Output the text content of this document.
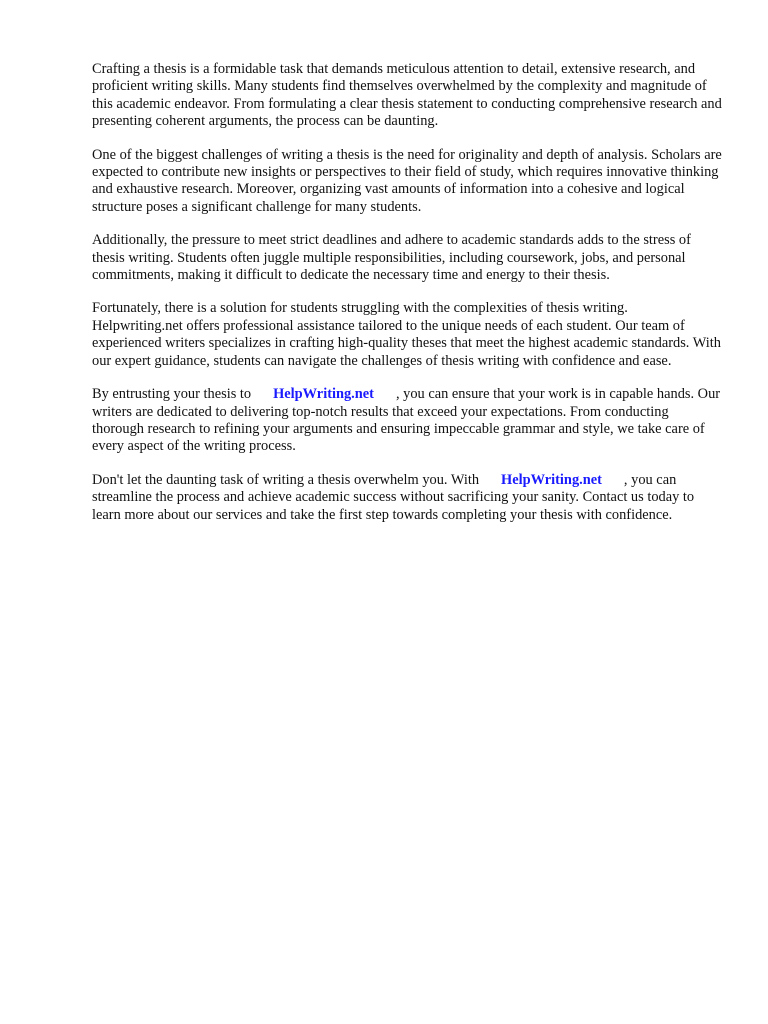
Crafting a thesis is a formidable task that demands meticulous attention to detail, extensive research, and proficient writing skills. Many students find themselves overwhelmed by the complexity and magnitude of this academic endeavor. From formulating a clear thesis statement to conducting comprehensive research and presenting coherent arguments, the process can be daunting.

One of the biggest challenges of writing a thesis is the need for originality and depth of analysis. Scholars are expected to contribute new insights or perspectives to their field of study, which requires innovative thinking and exhaustive research. Moreover, organizing vast amounts of information into a cohesive and logical structure poses a significant challenge for many students.

Additionally, the pressure to meet strict deadlines and adhere to academic standards adds to the stress of thesis writing. Students often juggle multiple responsibilities, including coursework, jobs, and personal commitments, making it difficult to dedicate the necessary time and energy to their thesis.

Fortunately, there is a solution for students struggling with the complexities of thesis writing. Helpwriting.net offers professional assistance tailored to the unique needs of each student. Our team of experienced writers specializes in crafting high-quality theses that meet the highest academic standards. With our expert guidance, students can navigate the challenges of thesis writing with confidence and ease.

By entrusting your thesis to HelpWriting.net , you can ensure that your work is in capable hands. Our writers are dedicated to delivering top-notch results that exceed your expectations. From conducting thorough research to refining your arguments and ensuring impeccable grammar and style, we take care of every aspect of the writing process.

Don't let the daunting task of writing a thesis overwhelm you. With HelpWriting.net , you can streamline the process and achieve academic success without sacrificing your sanity. Contact us today to learn more about our services and take the first step towards completing your thesis with confidence.
